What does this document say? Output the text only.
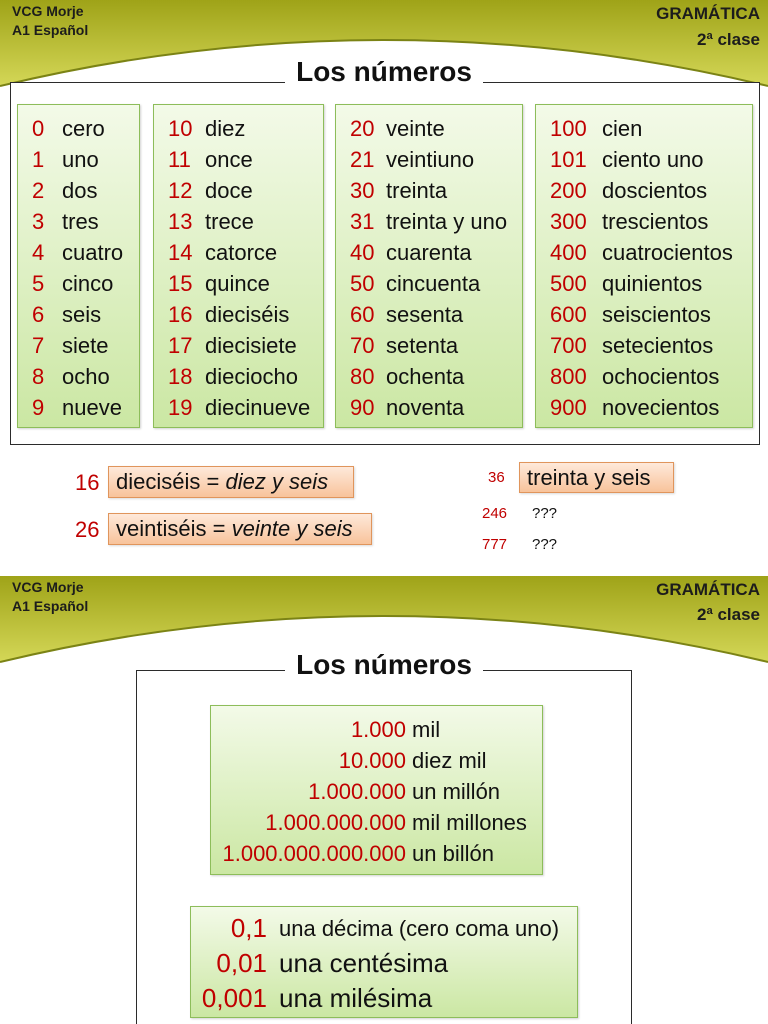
VCG Morje
A1 Español
GRAMÁTICA
2ª clase
Los números
0 cero
1 uno
2 dos
3 tres
4 cuatro
5 cinco
6 seis
7 siete
8 ocho
9 nueve
10 diez
11 once
12 doce
13 trece
14 catorce
15 quince
16 dieciséis
17 diecisiete
18 dieciocho
19 diecinueve
20 veinte
21 veintiuno
30 treinta
31 treinta y uno
40 cuarenta
50 cincuenta
60 sesenta
70 setenta
80 ochenta
90 noventa
100 cien
101 ciento uno
200 doscientos
300 trescientos
400 cuatrocientos
500 quinientos
600 seiscientos
700 setecientos
800 ochocientos
900 novecientos
16 dieciséis = diez y seis
26 veintiséis = veinte y seis
36	treinta y seis
246 ???
777 ???
VCG Morje
A1 Español
GRAMÁTICA
2ª clase
Los números
1.000 mil
10.000 diez mil
1.000.000 un millón
1.000.000.000 mil millones
1.000.000.000.000 un billón
0,1 una décima (cero coma uno)
0,01 una centésima
0,001 una milésima
